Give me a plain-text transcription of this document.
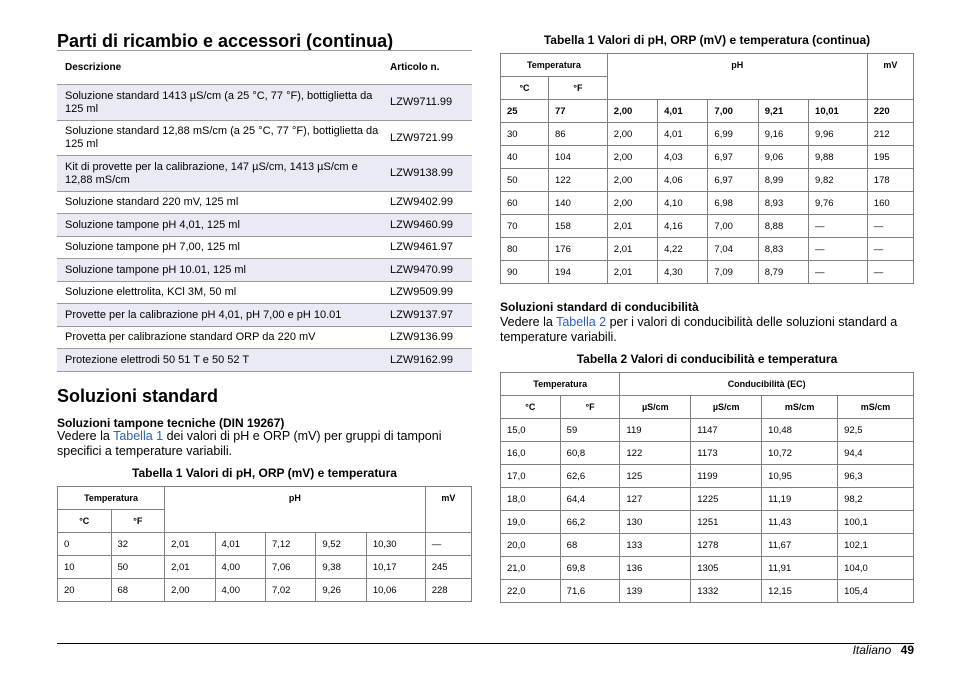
Parti di ricambio e accessori (continua)
Descrizione	Articolo n.
Soluzione standard 1413 µS/cm (a 25 °C, 77 °F), bottiglietta da 125 ml	LZW9711.99
Soluzione standard 12,88 mS/cm (a 25 °C, 77 °F), bottiglietta da 125 ml	LZW9721.99
Kit di provette per la calibrazione, 147 µS/cm, 1413 µS/cm e 12,88 mS/cm	LZW9138.99
Soluzione standard 220 mV, 125 ml	LZW9402.99
Soluzione tampone pH 4,01, 125 ml	LZW9460.99
Soluzione tampone pH 7,00, 125 ml	LZW9461.97
Soluzione tampone pH 10.01, 125 ml	LZW9470.99
Soluzione elettrolita, KCl 3M, 50 ml	LZW9509.99
Provette per la calibrazione pH 4,01, pH 7,00 e pH 10.01	LZW9137.97
Provetta per calibrazione standard ORP da 220 mV	LZW9136.99
Protezione elettrodi 50 51 T e 50 52 T	LZW9162.99
Soluzioni standard
Soluzioni tampone tecniche (DIN 19267)

Vedere la Tabella 1 dei valori di pH e ORP (mV) per gruppi di tamponi specifici a temperature variabili.

Tabella 1 Valori di pH, ORP (mV) e temperatura

Temperatura		pH					mV
°C	°F						
0	32	2,01	4,01	7,12	9,52	10,30	—
10	50	2,01	4,00	7,06	9,38	10,17	245
20	68	2,00	4,00	7,02	9,26	10,06	228

Tabella 1 Valori di pH, ORP (mV) e temperatura (continua)

Temperatura		pH					mV
°C	°F						
25	77	2,00	4,01	7,00	9,21	10,01	220
30	86	2,00	4,01	6,99	9,16	9,96	212
40	104	2,00	4,03	6,97	9,06	9,88	195
50	122	2,00	4,06	6,97	8,99	9,82	178
60	140	2,00	4,10	6,98	8,93	9,76	160
70	158	2,01	4,16	7,00	8,88	—	—
80	176	2,01	4,22	7,04	8,83	—	—
90	194	2,01	4,30	7,09	8,79	—	—
Soluzioni standard di conducibilità

Vedere la Tabella 2 per i valori di conducibilità delle soluzioni standard a temperature variabili.

Tabella 2 Valori di conducibilità e temperatura

Temperatura		Conducibilità (EC)			
°C	°F	µS/cm	µS/cm	mS/cm	mS/cm
15,0	59	119	1147	10,48	92,5
16,0	60,8	122	1173	10,72	94,4
17,0	62,6	125	1199	10,95	96,3
18,0	64,4	127	1225	11,19	98,2
19,0	66,2	130	1251	11,43	100,1
20,0	68	133	1278	11,67	102,1
21,0	69,8	136	1305	11,91	104,0
22,0	71,6	139	1332	12,15	105,4
Italiano 49
